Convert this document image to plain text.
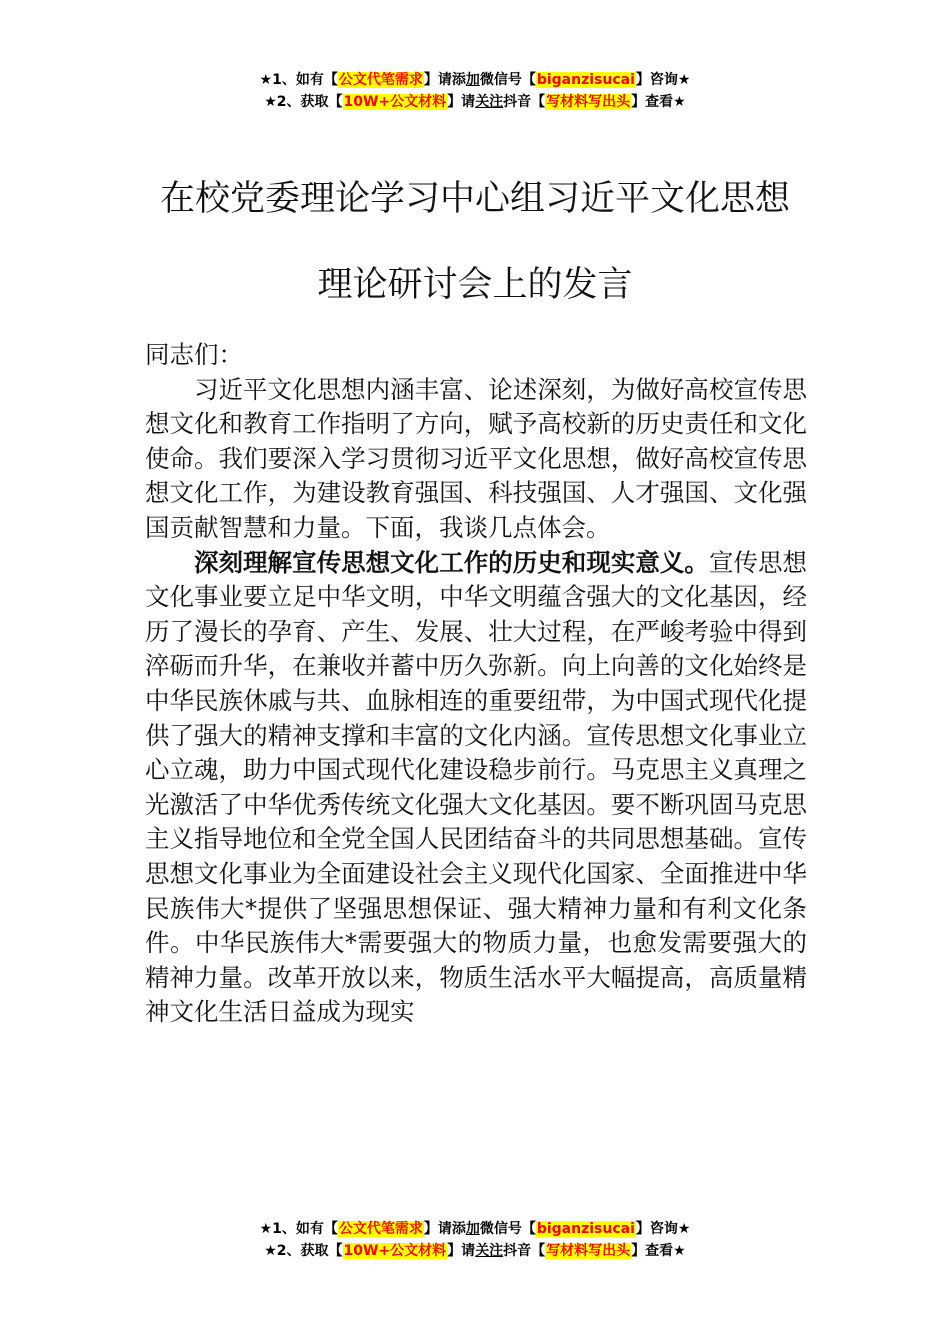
★1、如有【公文代笔需求】请添加微信号【biganzisucai】咨询★
★2、获取【10W+公文材料】请关注抖音【写材料写出头】查看★
在校党委理论学习中心组习近平文化思想
理论研讨会上的发言

同志们：

习近平文化思想内涵丰富、论述深刻，为做好高校宣传思想文化和教育工作指明了方向，赋予高校新的历史责任和文化使命。我们要深入学习贯彻习近平文化思想，做好高校宣传思想文化工作，为建设教育强国、科技强国、人才强国、文化强国贡献智慧和力量。下面，我谈几点体会。

深刻理解宣传思想文化工作的历史和现实意义。宣传思想文化事业要立足中华文明，中华文明蕴含强大的文化基因，经历了漫长的孕育、产生、发展、壮大过程，在严峻考验中得到淬砺而升华，在兼收并蓄中历久弥新。向上向善的文化始终是中华民族休戚与共、血脉相连的重要纽带，为中国式现代化提供了强大的精神支撑和丰富的文化内涵。宣传思想文化事业立心立魂，助力中国式现代化建设稳步前行。马克思主义真理之光激活了中华优秀传统文化强大文化基因。要不断巩固马克思主义指导地位和全党全国人民团结奋斗的共同思想基础。宣传思想文化事业为全面建设社会主义现代化国家、全面推进中华民族伟大*提供了坚强思想保证、强大精神力量和有利文化条件。中华民族伟大*需要强大的物质力量，也愈发需要强大的精神力量。改革开放以来，物质生活水平大幅提高，高质量精神文化生活日益成为现实

★1、如有【公文代笔需求】请添加微信号【biganzisucai】咨询★
★2、获取【10W+公文材料】请关注抖音【写材料写出头】查看★
